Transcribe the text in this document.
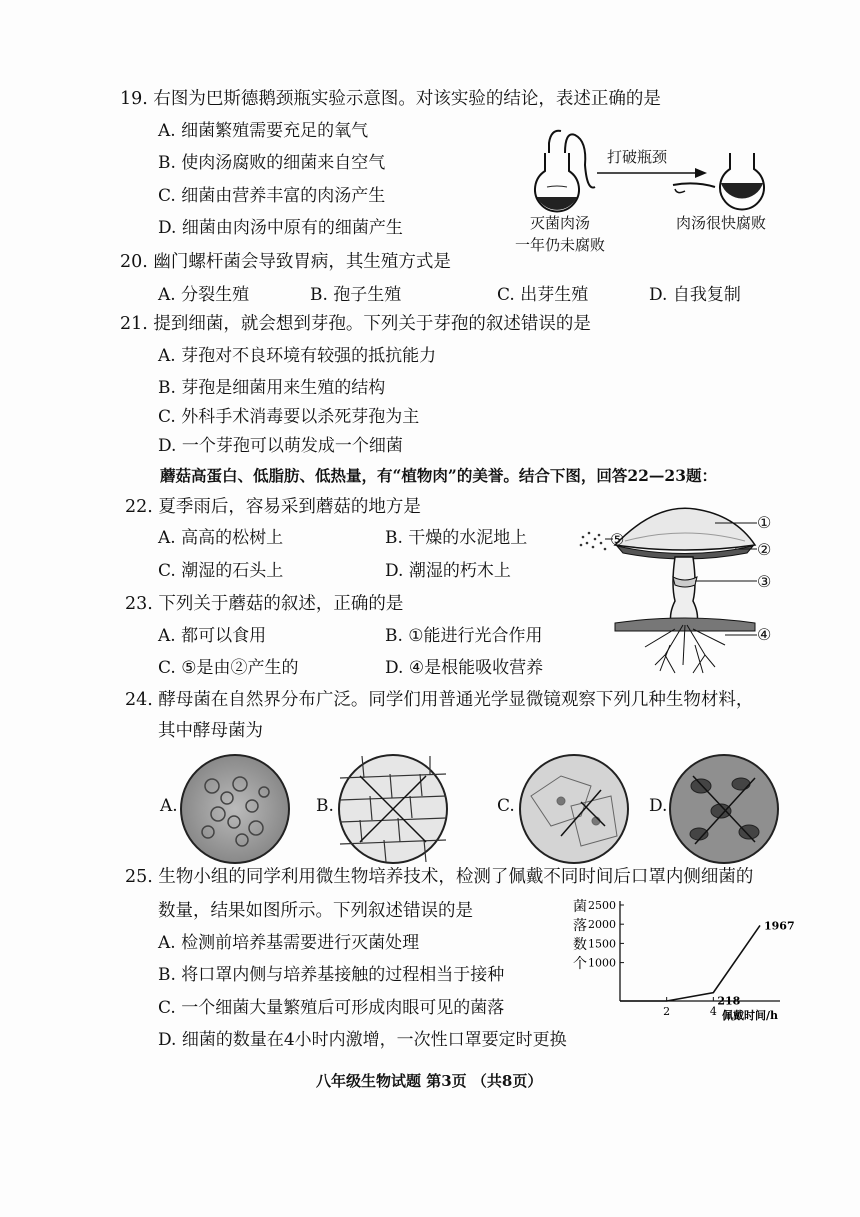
19. 右图为巴斯德鹅颈瓶实验示意图。对该实验的结论，表述正确的是
A. 细菌繁殖需要充足的氧气
B. 使肉汤腐败的细菌来自空气
C. 细菌由营养丰富的肉汤产生
D. 细菌由肉汤中原有的细菌产生
打破瓶颈
灭菌肉汤
一年仍未腐败
肉汤很快腐败
20. 幽门螺杆菌会导致胃病，其生殖方式是
A. 分裂生殖	B. 孢子生殖	C. 出芽生殖	D. 自我复制
21. 提到细菌，就会想到芽孢。下列关于芽孢的叙述错误的是
A. 芽孢对不良环境有较强的抵抗能力
B. 芽孢是细菌用来生殖的结构
C. 外科手术消毒要以杀死芽孢为主
D. 一个芽孢可以萌发成一个细菌
蘑菇高蛋白、低脂肪、低热量，有“植物肉”的美誉。结合下图，回答22—23题：
22. 夏季雨后，容易采到蘑菇的地方是
A. 高高的松树上	B. 干燥的水泥地上
C. 潮湿的石头上	D. 潮湿的朽木上
23. 下列关于蘑菇的叙述，正确的是
A. 都可以食用	B. ①能进行光合作用
C. ⑤是由②产生的	D. ④是根能吸收营养
①
②
③
④
⑤
24. 酵母菌在自然界分布广泛。同学们用普通光学显微镜观察下列几种生物材料，
其中酵母菌为
A.	B.	C.	D.
25. 生物小组的同学利用微生物培养技术，检测了佩戴不同时间后口罩内侧细菌的
数量，结果如图所示。下列叙述错误的是
A. 检测前培养基需要进行灭菌处理
B. 将口罩内侧与培养基接触的过程相当于接种
C. 一个细菌大量繁殖后可形成肉眼可见的菌落
D. 细菌的数量在4小时内激增，一次性口罩要定时更换
菌
落
数
个
2500
2000
1500
1000
2	4 佩戴时间/h
218
1967
八年级生物试题 第3页 （共8页）
